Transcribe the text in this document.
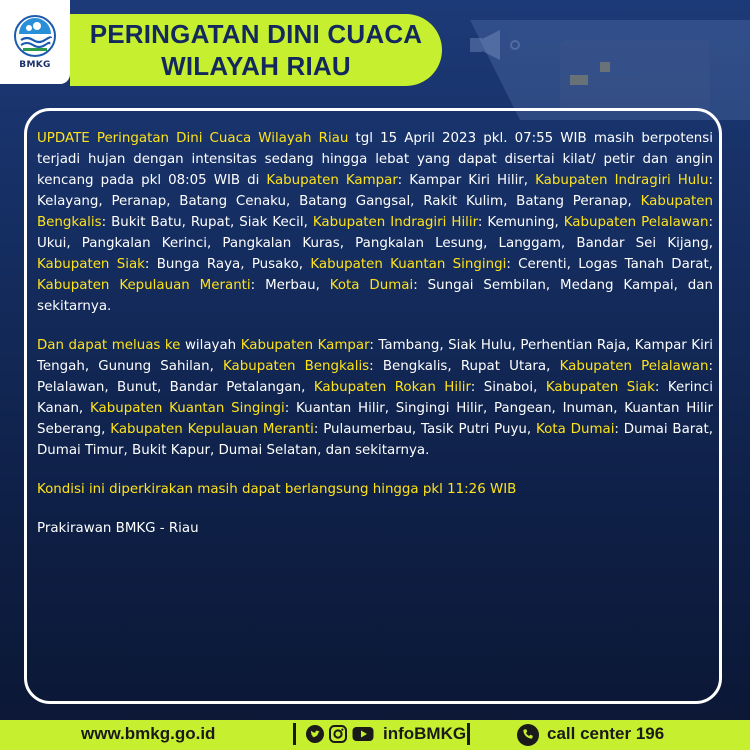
BMKG
PERINGATAN DINI CUACA
WILAYAH RIAU

UPDATE Peringatan Dini Cuaca Wilayah Riau tgl 15 April 2023 pkl. 07:55 WIB masih berpotensi terjadi hujan dengan intensitas sedang hingga lebat yang dapat disertai kilat/ petir dan angin kencang pada pkl 08:05 WIB di Kabupaten Kampar: Kampar Kiri Hilir, Kabupaten Indragiri Hulu: Kelayang, Peranap, Batang Cenaku, Batang Gangsal, Rakit Kulim, Batang Peranap, Kabupaten Bengkalis: Bukit Batu, Rupat, Siak Kecil, Kabupaten Indragiri Hilir: Kemuning, Kabupaten Pelalawan: Ukui, Pangkalan Kerinci, Pangkalan Kuras, Pangkalan Lesung, Langgam, Bandar Sei Kijang, Kabupaten Siak: Bunga Raya, Pusako, Kabupaten Kuantan Singingi: Cerenti, Logas Tanah Darat, Kabupaten Kepulauan Meranti: Merbau, Kota Dumai: Sungai Sembilan, Medang Kampai, dan sekitarnya.

Dan dapat meluas ke wilayah Kabupaten Kampar: Tambang, Siak Hulu, Perhentian Raja, Kampar Kiri Tengah, Gunung Sahilan, Kabupaten Bengkalis: Bengkalis, Rupat Utara, Kabupaten Pelalawan: Pelalawan, Bunut, Bandar Petalangan, Kabupaten Rokan Hilir: Sinaboi, Kabupaten Siak: Kerinci Kanan, Kabupaten Kuantan Singingi: Kuantan Hilir, Singingi Hilir, Pangean, Inuman, Kuantan Hilir Seberang, Kabupaten Kepulauan Meranti: Pulaumerbau, Tasik Putri Puyu, Kota Dumai: Dumai Barat, Dumai Timur, Bukit Kapur, Dumai Selatan, dan sekitarnya.

Kondisi ini diperkirakan masih dapat berlangsung hingga pkl 11:26 WIB

Prakirawan BMKG - Riau

www.bmkg.go.id	infoBMKG	call center 196
